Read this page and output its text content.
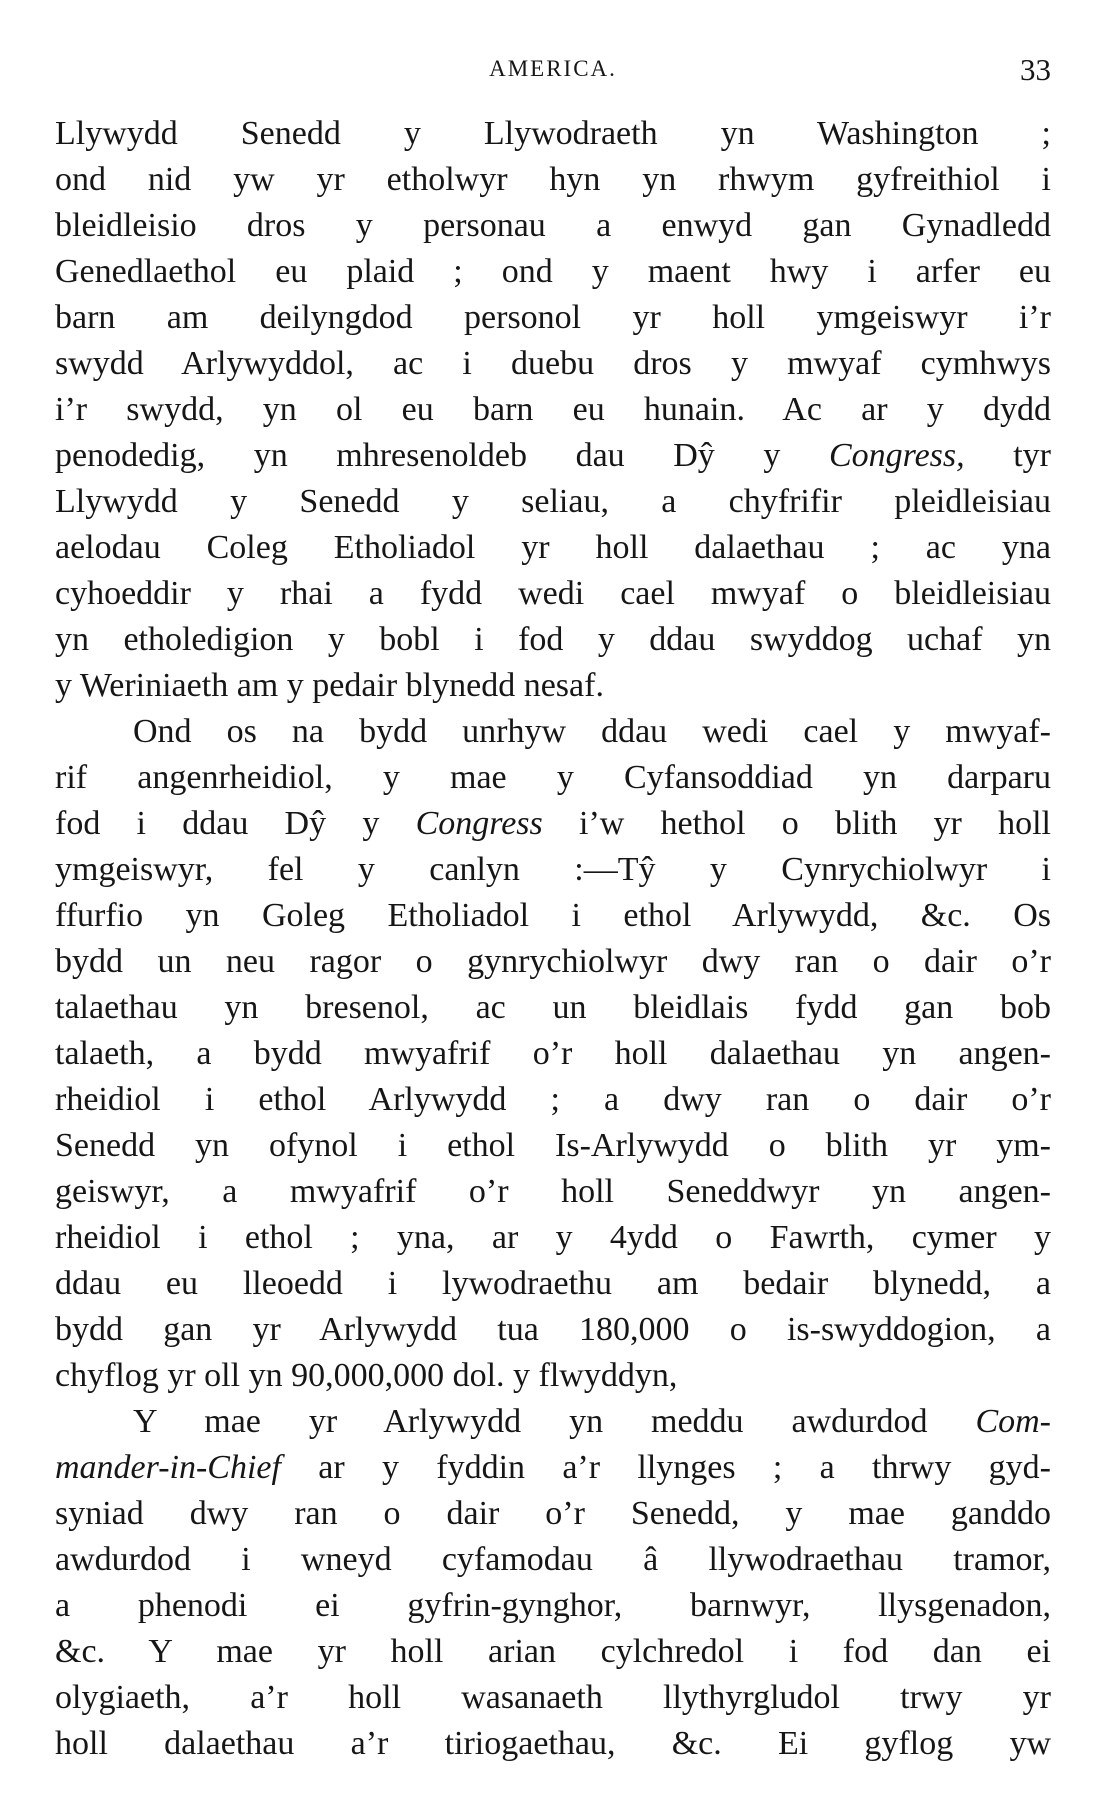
AMERICA.	33
Llywydd Senedd y Llywodraeth yn Washington ;
ond nid yw yr etholwyr hyn yn rhwym gyfreithiol i
bleidleisio dros y personau a enwyd gan Gynadledd
Genedlaethol eu plaid ; ond y maent hwy i arfer eu
barn am deilyngdod personol yr holl ymgeiswyr i’r
swydd Arlywyddol, ac i duebu dros y mwyaf cymhwys
i’r swydd, yn ol eu barn eu hunain. Ac ar y dydd
penodedig, yn mhresenoldeb dau Dŷ y Congress, tyr
Llywydd y Senedd y seliau, a chyfrifir pleidleisiau
aelodau Coleg Etholiadol yr holl dalaethau ; ac yna
cyhoeddir y rhai a fydd wedi cael mwyaf o bleidleisiau
yn etholedigion y bobl i fod y ddau swyddog uchaf yn
y Weriniaeth am y pedair blynedd nesaf.
Ond os na bydd unrhyw ddau wedi cael y mwyaf-
rif angenrheidiol, y mae y Cyfansoddiad yn darparu
fod i ddau Dŷ y Congress i’w hethol o blith yr holl
ymgeiswyr, fel y canlyn :—Tŷ y Cynrychiolwyr i
ffurfio yn Goleg Etholiadol i ethol Arlywydd, &c. Os
bydd un neu ragor o gynrychiolwyr dwy ran o dair o’r
talaethau yn bresenol, ac un bleidlais fydd gan bob
talaeth, a bydd mwyafrif o’r holl dalaethau yn angen-
rheidiol i ethol Arlywydd ; a dwy ran o dair o’r
Senedd yn ofynol i ethol Is-Arlywydd o blith yr ym-
geiswyr, a mwyafrif o’r holl Seneddwyr yn angen-
rheidiol i ethol ; yna, ar y 4ydd o Fawrth, cymer y
ddau eu lleoedd i lywodraethu am bedair blynedd, a
bydd gan yr Arlywydd tua 180,000 o is-swyddogion, a
chyflog yr oll yn 90,000,000 dol. y flwyddyn,
Y mae yr Arlywydd yn meddu awdurdod Com-
mander-in-Chief ar y fyddin a’r llynges ; a thrwy gyd-
syniad dwy ran o dair o’r Senedd, y mae ganddo
awdurdod i wneyd cyfamodau â llywodraethau tramor,
a phenodi ei gyfrin-gynghor, barnwyr, llysgenadon,
&c. Y mae yr holl arian cylchredol i fod dan ei
olygiaeth, a’r holl wasanaeth llythyrgludol trwy yr
holl dalaethau a’r tiriogaethau, &c. Ei gyflog yw
